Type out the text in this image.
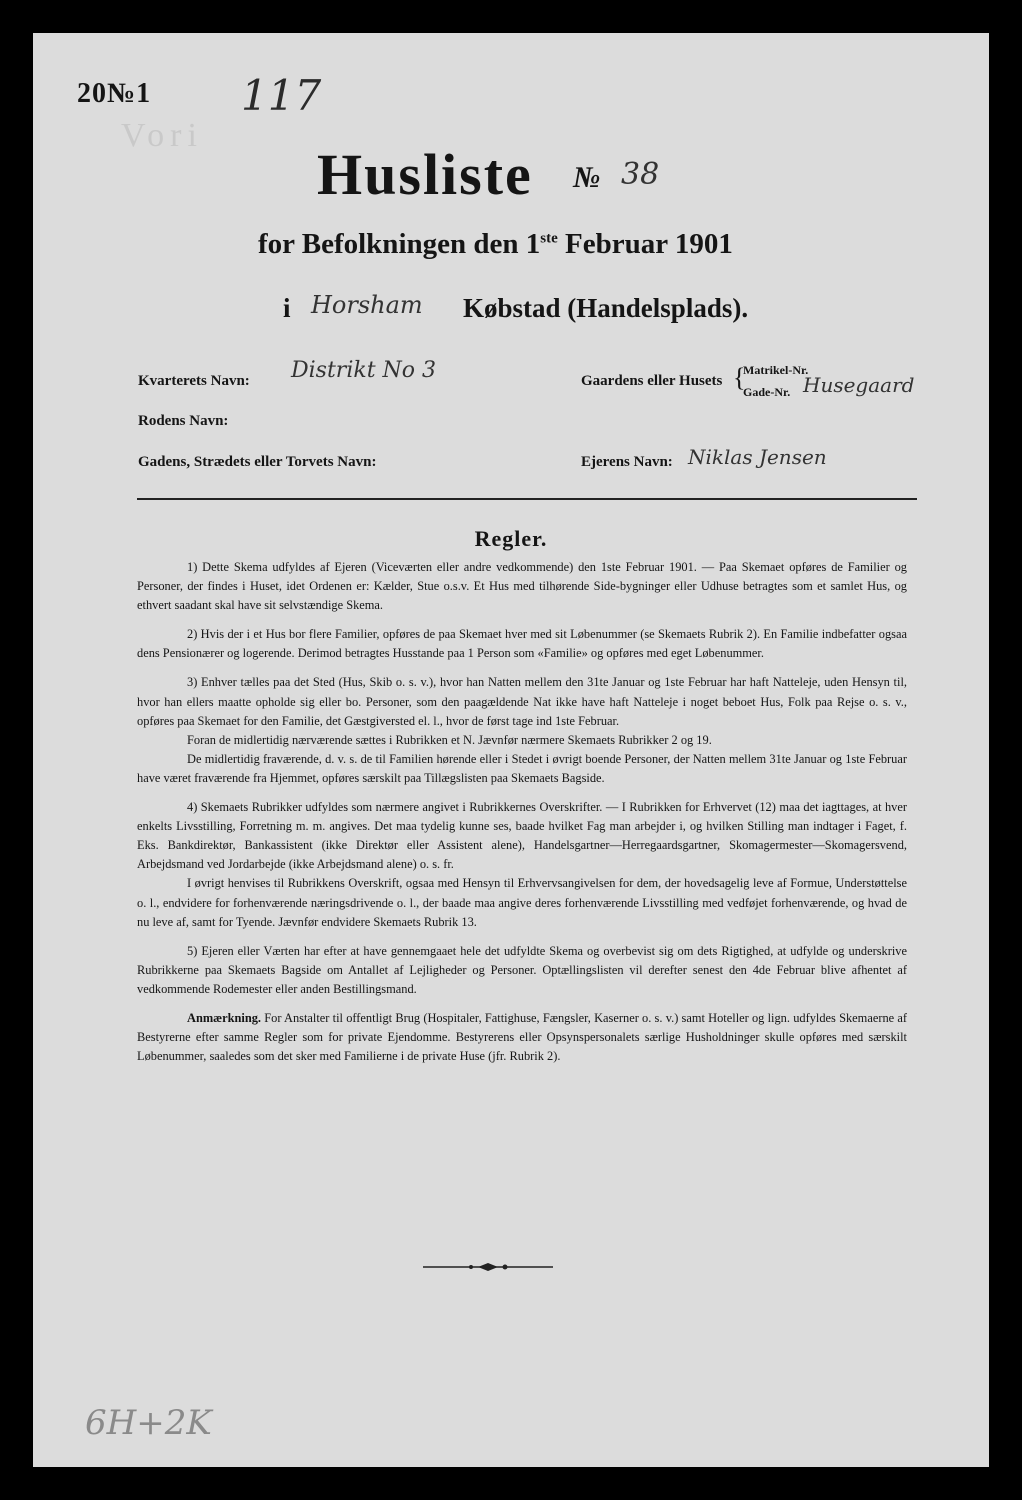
20№1 117
Vori
Husliste № 38
for Befolkningen den 1ste Februar 1901
i Horsham Købstad (Handelsplads).
Kvarterets Navn: Distrikt No 3	Gaardens eller Husets {
Matrikel-Nr.
Gade-Nr. Husegaard
Rodens Navn:
Gadens, Strædets eller Torvets Navn:	Ejerens Navn: Niklas Jensen
Regler.

1) Dette Skema udfyldes af Ejeren (Viceværten eller andre vedkommende) den 1ste Februar 1901. — Paa Skemaet opføres de Familier og Personer, der findes i Huset, idet Ordenen er: Kælder, Stue o.s.v. Et Hus med tilhørende Side-bygninger eller Udhuse betragtes som et samlet Hus, og ethvert saadant skal have sit selvstændige Skema.

2) Hvis der i et Hus bor flere Familier, opføres de paa Skemaet hver med sit Løbenummer (se Skemaets Rubrik 2). En Familie indbefatter ogsaa dens Pensionærer og logerende. Derimod betragtes Husstande paa 1 Person som «Familie» og opføres med eget Løbenummer.

3) Enhver tælles paa det Sted (Hus, Skib o. s. v.), hvor han Natten mellem den 31te Januar og 1ste Februar har haft Natteleje, uden Hensyn til, hvor han ellers maatte opholde sig eller bo. Personer, som den paagældende Nat ikke have haft Natteleje i noget beboet Hus, Folk paa Rejse o. s. v., opføres paa Skemaet for den Familie, det Gæstgiversted el. l., hvor de først tage ind 1ste Februar.

Foran de midlertidig nærværende sættes i Rubrikken et N. Jævnfør nærmere Skemaets Rubrikker 2 og 19.

De midlertidig fraværende, d. v. s. de til Familien hørende eller i Stedet i øvrigt boende Personer, der Natten mellem 31te Januar og 1ste Februar have været fraværende fra Hjemmet, opføres særskilt paa Tillægslisten paa Skemaets Bagside.

4) Skemaets Rubrikker udfyldes som nærmere angivet i Rubrikkernes Overskrifter. — I Rubrikken for Erhvervet (12) maa det iagttages, at hver enkelts Livsstilling, Forretning m. m. angives. Det maa tydelig kunne ses, baade hvilket Fag man arbejder i, og hvilken Stilling man indtager i Faget, f. Eks. Bankdirektør, Bankassistent (ikke Direktør eller Assistent alene), Handelsgartner—Herregaardsgartner, Skomagermester—Skomagersvend, Arbejdsmand ved Jordarbejde (ikke Arbejdsmand alene) o. s. fr.

I øvrigt henvises til Rubrikkens Overskrift, ogsaa med Hensyn til Erhvervsangivelsen for dem, der hovedsagelig leve af Formue, Understøttelse o. l., endvidere for forhenværende næringsdrivende o. l., der baade maa angive deres forhenværende Livsstilling med vedføjet forhenværende, og hvad de nu leve af, samt for Tyende. Jævnfør endvidere Skemaets Rubrik 13.

5) Ejeren eller Værten har efter at have gennemgaaet hele det udfyldte Skema og overbevist sig om dets Rigtighed, at udfylde og underskrive Rubrikkerne paa Skemaets Bagside om Antallet af Lejligheder og Personer. Optællingslisten vil derefter senest den 4de Februar blive afhentet af vedkommende Rodemester eller anden Bestillingsmand.

Anmærkning. For Anstalter til offentligt Brug (Hospitaler, Fattighuse, Fængsler, Kaserner o. s. v.) samt Hoteller og lign. udfyldes Skemaerne af Bestyrerne efter samme Regler som for private Ejendomme. Bestyrerens eller Opsynspersonalets særlige Husholdninger skulle opføres med særskilt Løbenummer, saaledes som det sker med Familierne i de private Huse (jfr. Rubrik 2).

6H+2K
